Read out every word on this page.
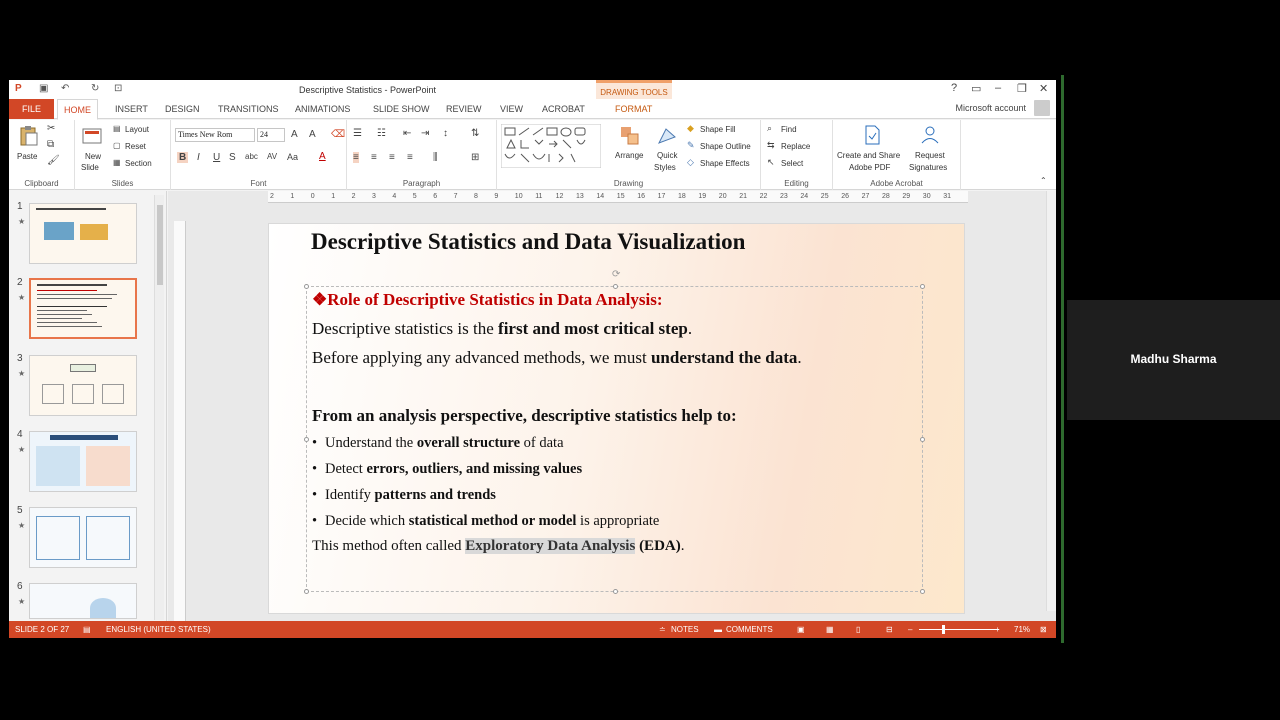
P ▣ ↶ ↻ ⊡	Descriptive Statistics - PowerPoint	DRAWING TOOLS	? ▭ – ❐ ✕
FILE	HOME	INSERT	DESIGN	TRANSITIONS	ANIMATIONS	SLIDE SHOW	REVIEW	VIEW	ACROBAT	FORMAT	Microsoft account
Paste
✂
⧉
🖌
Clipboard
New
Slide
▤ Layout
▢ Reset
▦ Section
Slides
Times New Rom	24	A A ⌫
B I U S abc AV Aa A
Font
☰ ☷ ⇤ ⇥ ↕ ⇅
≡ ≡ ≡ ≡ ⫼	⊞
Paragraph
Arrange Quick
Styles
◆ Shape Fill
✎ Shape Outline
◇ Shape Effects
Drawing
⌕ Find
⇆ Replace
↖ Select
Editing
Create and Share
Adobe PDF
Request
Signatures
Adobe Acrobat	⌃
1
★
2
★
3
★
4
★
5
★
6
★
2 1 0 1 2 3 4 5 6 7 8 9 10 11 12 13 14 15 16 17 18 19 20 21 22 23 24 25 26 27 28 29 30 31
Descriptive Statistics and Data Visualization
⟳
❖Role of Descriptive Statistics in Data Analysis:
Descriptive statistics is the first and most critical step.
Before applying any advanced methods, we must understand the data.
From an analysis perspective, descriptive statistics help to:
• Understand the overall structure of data
• Detect errors, outliers, and missing values
• Identify patterns and trends
• Decide which statistical method or model is appropriate
This method often called Exploratory Data Analysis (EDA).
SLIDE 2 OF 27 ▤ ENGLISH (UNITED STATES)	≐ NOTES ▬ COMMENTS	▣	▦	▯	⊟ –	+ 71% ⊠
Madhu Sharma
